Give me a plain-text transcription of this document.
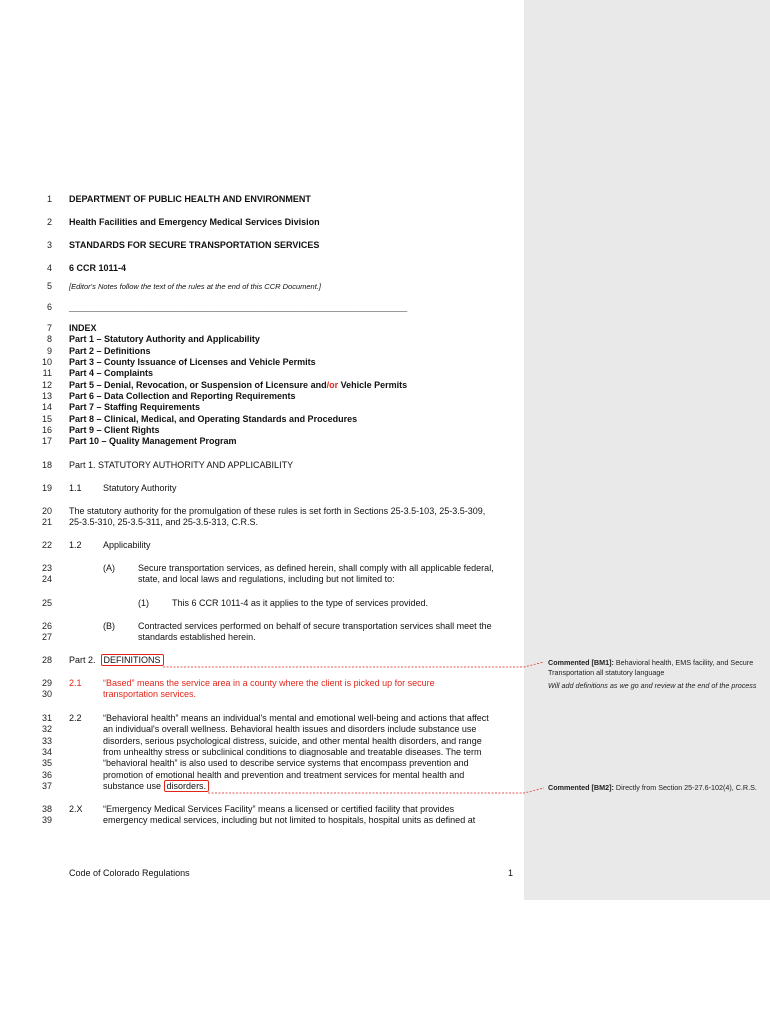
1
2
3
4
5
6
7
8
9
10
11
12
13
14
15
16
17
18
19
20
21
22
23
24
25
26
27
28
29
30
31
32
33
34
35
36
37
38
39
DEPARTMENT OF PUBLIC HEALTH AND ENVIRONMENT
Health Facilities and Emergency Medical Services Division
STANDARDS FOR SECURE TRANSPORTATION SERVICES
6 CCR 1011-4
[Editor's Notes follow the text of the rules at the end of this CCR Document.]
____________________________________________________________________________
INDEX
Part 1 – Statutory Authority and Applicability
Part 2 – Definitions
Part 3 – County Issuance of Licenses and Vehicle Permits
Part 4 – Complaints
Part 5 – Denial, Revocation, or Suspension of Licensure and/or Vehicle Permits
Part 6 – Data Collection and Reporting Requirements
Part 7 – Staffing Requirements
Part 8 – Clinical, Medical, and Operating Standards and Procedures
Part 9 – Client Rights
Part 10 – Quality Management Program
Part 1. STATUTORY AUTHORITY AND APPLICABILITY
1.1 Statutory Authority
The statutory authority for the promulgation of these rules is set forth in Sections 25-3.5-103, 25-3.5-309,
25-3.5-310, 25-3.5-311, and 25-3.5-313, C.R.S.
1.2 Applicability
(A)	Secure transportation services, as defined herein, shall comply with all applicable federal,
state, and local laws and regulations, including but not limited to:
(1)	This 6 CCR 1011-4 as it applies to the type of services provided.
(B)	Contracted services performed on behalf of secure transportation services shall meet the
standards established herein.
Part 2. DEFINITIONS
2.1 “Based” means the service area in a county where the client is picked up for secure
transportation services.
2.2 “Behavioral health” means an individual's mental and emotional well-being and actions that affect
an individual's overall wellness. Behavioral health issues and disorders include substance use
disorders, serious psychological distress, suicide, and other mental health disorders, and range
from unhealthy stress or subclinical conditions to diagnosable and treatable diseases. The term
“behavioral health” is also used to describe service systems that encompass prevention and
promotion of emotional health and prevention and treatment services for mental health and
substance use disorders.
2.X “Emergency Medical Services Facility” means a licensed or certified facility that provides
emergency medical services, including but not limited to hospitals, hospital units as defined at
Code of Colorado Regulations	1

Commented [BM1]: Behavioral health, EMS facility, and Secure Transportation all statutory language

Will add definitions as we go and review at the end of the process

Commented [BM2]: Directly from Section 25-27.6-102(4), C.R.S.
